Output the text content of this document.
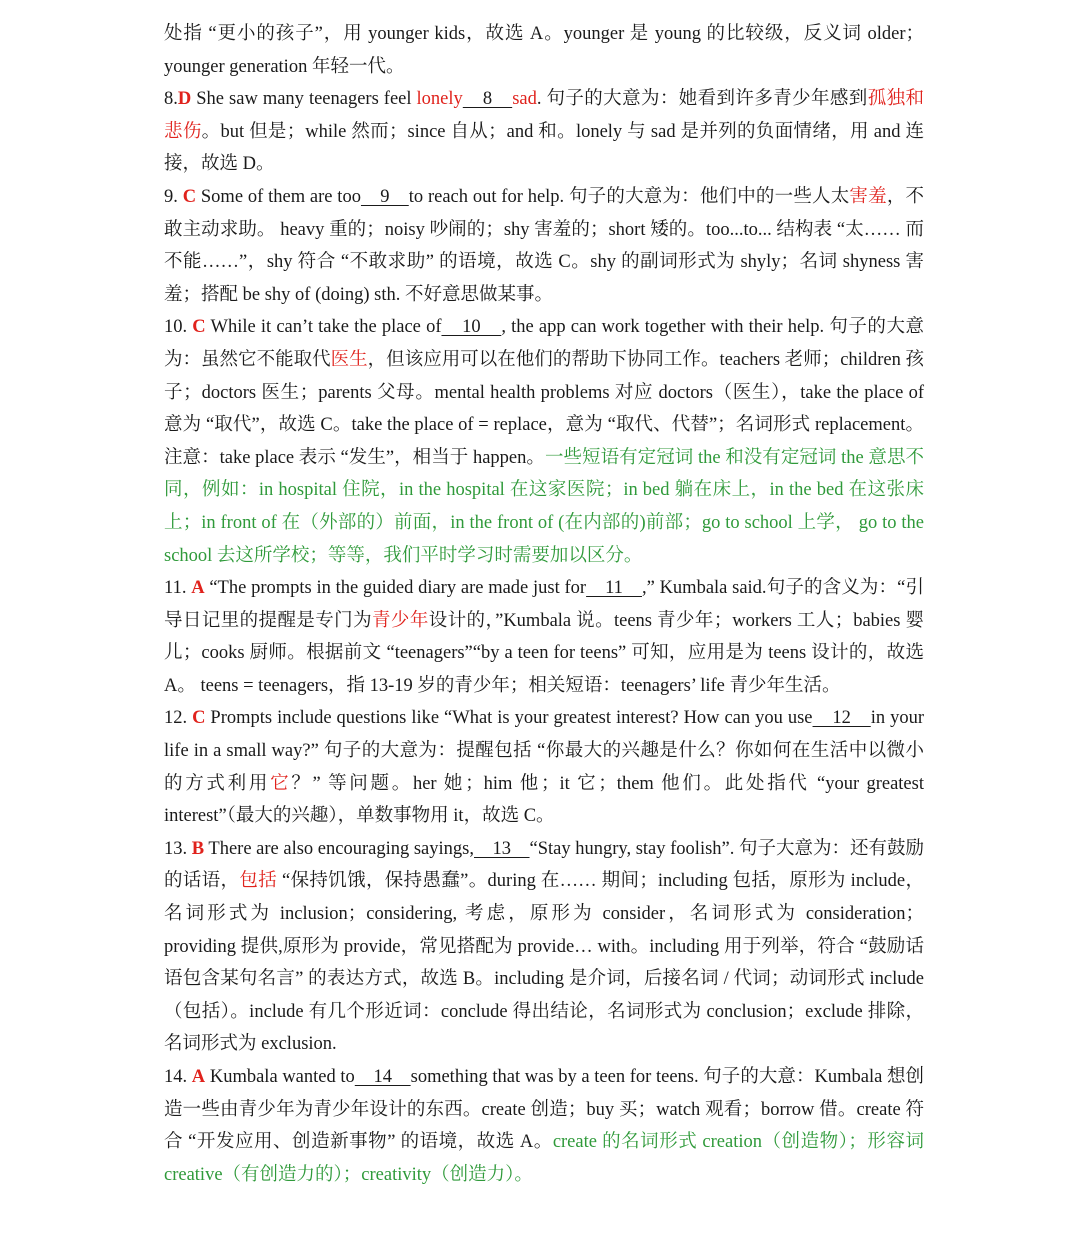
处指 “更小的孩子”，用 younger kids，故选 A。younger 是 young 的比较级，反义词 older；younger generation 年轻一代。

8.D She saw many teenagers feel lonely    8    sad. 句子的大意为：她看到许多青少年感到孤独和悲伤。but 但是；while 然而；since 自从；and 和。lonely 与 sad 是并列的负面情绪，用 and 连接，故选 D。

9. C Some of them are too    9    to reach out for help. 句子的大意为：他们中的一些人太害羞，不敢主动求助。 heavy 重的；noisy 吵闹的；shy 害羞的；short 矮的。too...to... 结构表 “太…… 而不能……”，shy 符合 “不敢求助” 的语境，故选 C。shy 的副词形式为 shyly；名词 shyness 害羞；搭配 be shy of (doing) sth. 不好意思做某事。

10. C While it can’t take the place of    10    , the app can work together with their help. 句子的大意为：虽然它不能取代医生，但该应用可以在他们的帮助下协同工作。teachers 老师；children 孩子；doctors 医生；parents 父母。mental health problems 对应 doctors（医生），take the place of 意为 “取代”，故选 C。take the place of = replace，意为 “取代、代替”；名词形式 replacement。注意：take place 表示 “发生”，相当于 happen。一些短语有定冠词 the 和没有定冠词 the 意思不同，例如：in hospital 住院，in the hospital 在这家医院；in bed 躺在床上，in the bed 在这张床上；in front of 在（外部的）前面，in the front of (在内部的)前部；go to school 上学， go to the school 去这所学校；等等，我们平时学习时需要加以区分。

11. A “The prompts in the guided diary are made just for    11    ,” Kumbala said.句子的含义为：“引导日记里的提醒是专门为青少年设计的，”Kumbala 说。teens 青少年；workers 工人；babies 婴儿；cooks 厨师。根据前文 “teenagers”“by a teen for teens” 可知，应用是为 teens 设计的，故选 A。 teens = teenagers，指 13-19 岁的青少年；相关短语：teenagers’ life 青少年生活。

12. C Prompts include questions like “What is your greatest interest? How can you use    12    in your life in a small way?” 句子的大意为：提醒包括 “你最大的兴趣是什么？你如何在生活中以微小的方式利用它？” 等问题。her 她；him 他；it 它；them 他们。此处指代 “your greatest interest”（最大的兴趣），单数事物用 it，故选 C。

13. B There are also encouraging sayings,    13    “Stay hungry, stay foolish”. 句子大意为：还有鼓励的话语，包括 “保持饥饿，保持愚蠢”。during 在…… 期间；including 包括，原形为 include，名词形式为 inclusion；considering, 考虑，原形为 consider，名词形式为 consideration；providing 提供,原形为 provide，常见搭配为 provide… with。including 用于列举，符合 “鼓励话语包含某句名言” 的表达方式，故选 B。including 是介词，后接名词 / 代词；动词形式 include（包括）。include 有几个形近词：conclude 得出结论，名词形式为 conclusion；exclude 排除，名词形式为 exclusion.

14. A Kumbala wanted to    14    something that was by a teen for teens. 句子的大意：Kumbala 想创造一些由青少年为青少年设计的东西。create 创造；buy 买；watch 观看；borrow 借。create 符合 “开发应用、创造新事物” 的语境，故选 A。create 的名词形式 creation（创造物）；形容词 creative（有创造力的）；creativity（创造力）。
